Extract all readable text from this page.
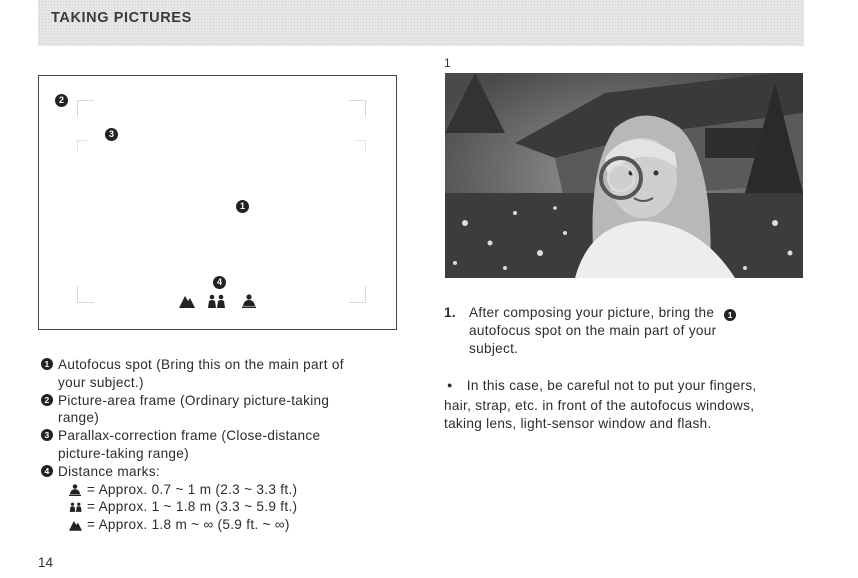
TAKING PICTURES
2
3
1
4
1
1 Autofocus spot (Bring this on the main part of
your subject.)
2 Picture-area frame (Ordinary picture-taking
range)
3 Parallax-correction frame (Close-distance
picture-taking range)
4 Distance marks:
= Approx. 0.7 ~ 1 m (2.3 ~ 3.3 ft.)
= Approx. 1 ~ 1.8 m (3.3 ~ 5.9 ft.)
= Approx. 1.8 m ~ ∞ (5.9 ft. ~ ∞)
1. After composing your picture, bring the 1
autofocus spot on the main part of your
subject.
● In this case, be careful not to put your fingers,
hair, strap, etc. in front of the autofocus windows,
taking lens, light-sensor window and flash.
14
